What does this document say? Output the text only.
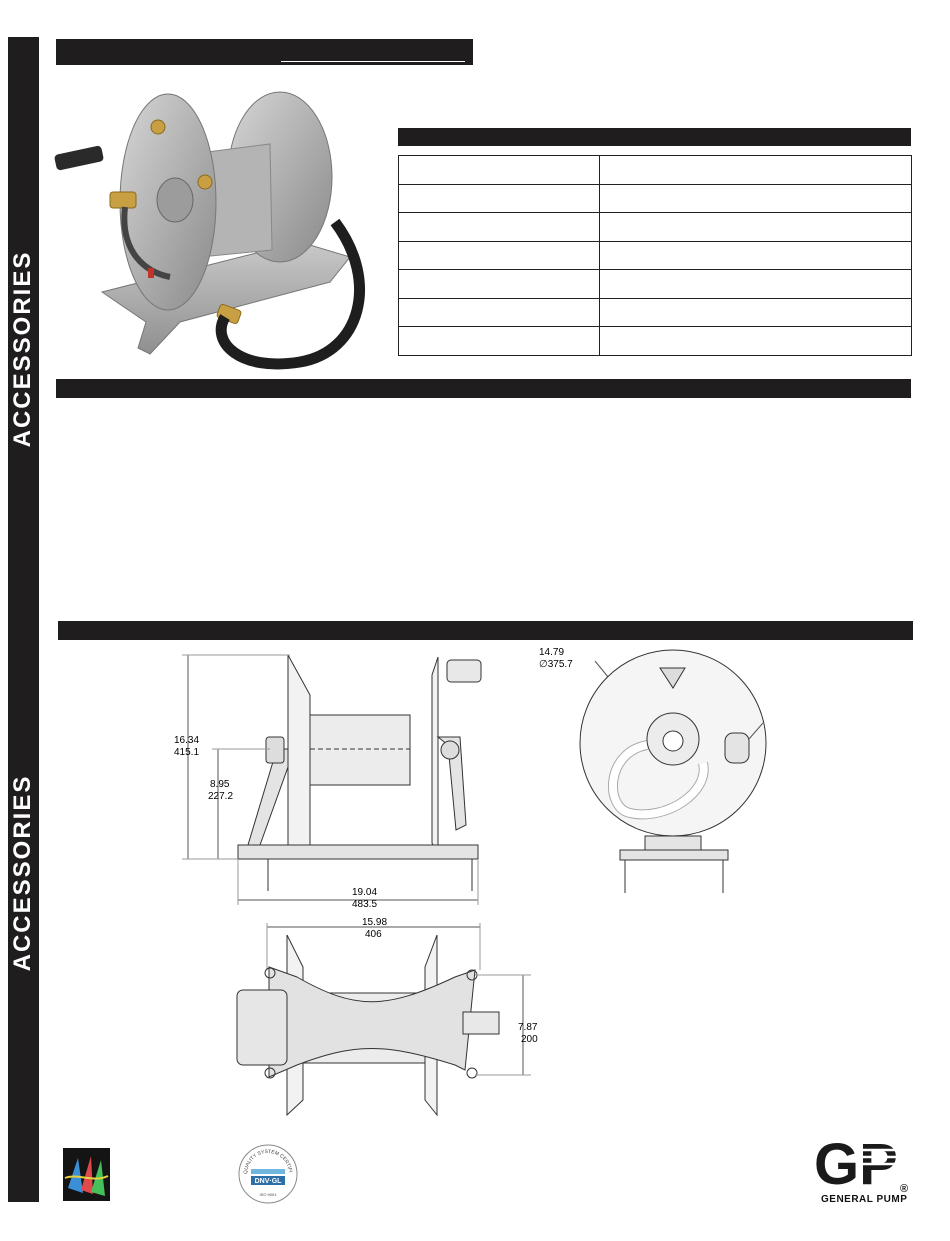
ACCESSORIES
ACCESSORIES

16.34
415.1
8.95
227.2
19.04
483.5
14.79
∅375.7
15.98
406
7.87
200
QUALITY SYSTEM CERTIFI
DNV·GL
ISO 9001	GP ®
GENERAL PUMP
